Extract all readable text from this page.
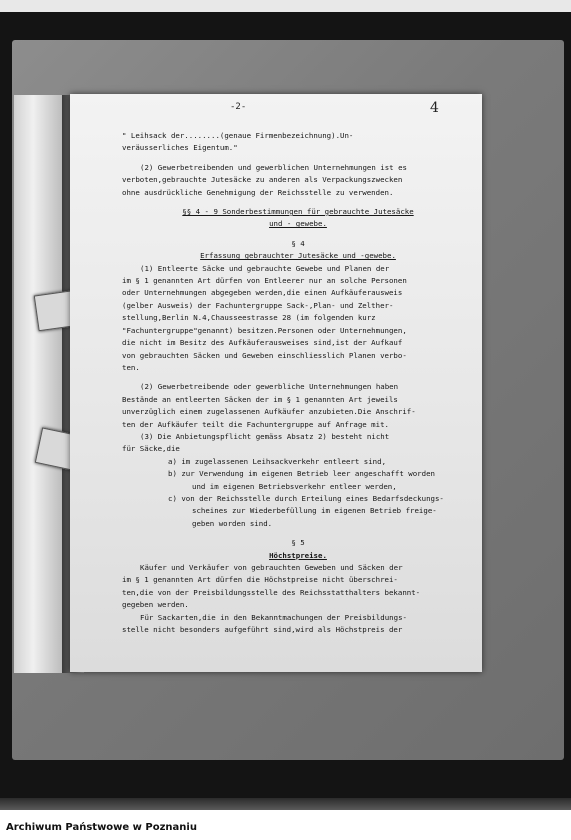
-2-	4
" Leihsack der........(genaue Firmenbezeichnung).Un-
veräusserliches Eigentum."
(2) Gewerbetreibenden und gewerblichen Unternehmungen ist es
verboten,gebrauchte Jutesäcke zu anderen als Verpackungszwecken
ohne ausdrückliche Genehmigung der Reichsstelle zu verwenden.
§§ 4 - 9 Sonderbestimmungen für gebrauchte Jutesäcke
und - gewebe.
§ 4
Erfassung gebrauchter Jutesäcke und -gewebe.
(1) Entleerte Säcke und gebrauchte Gewebe und Planen der
im § 1 genannten Art dürfen von Entleerer nur an solche Personen
oder Unternehmungen abgegeben werden,die einen Aufkäuferausweis
(gelber Ausweis) der Fachuntergruppe Sack-,Plan- und Zelther-
stellung,Berlin N.4,Chausseestrasse 28 (im folgenden kurz
"Fachuntergruppe"genannt) besitzen.Personen oder Unternehmungen,
die nicht im Besitz des Aufkäuferausweises sind,ist der Aufkauf
von gebrauchten Säcken und Geweben einschliesslich Planen verbo-
ten.
(2) Gewerbetreibende oder gewerbliche Unternehmungen haben
Bestände an entleerten Säcken der im § 1 genannten Art jeweils
unverzüglich einem zugelassenen Aufkäufer anzubieten.Die Anschrif-
ten der Aufkäufer teilt die Fachuntergruppe auf Anfrage mit.
(3) Die Anbietungspflicht gemäss Absatz 2) besteht nicht
für Säcke,die
a) im zugelassenen Leihsackverkehr entleert sind,
b) zur Verwendung im eigenen Betrieb leer angeschafft worden
und im eigenen Betriebsverkehr entleer werden,
c) von der Reichsstelle durch Erteilung eines Bedarfsdeckungs-
scheines zur Wiederbefüllung im eigenen Betrieb freige-
geben worden sind.
§ 5
Höchstpreise.
Käufer und Verkäufer von gebrauchten Geweben und Säcken der
im § 1 genannten Art dürfen die Höchstpreise nicht überschrei-
ten,die von der Preisbildungsstelle des Reichsstatthalters bekannt-
gegeben werden.
Für Sackarten,die in den Bekanntmachungen der Preisbildungs-
stelle nicht besonders aufgeführt sind,wird als Höchstpreis der
Archiwum Państwowe w Poznaniu
